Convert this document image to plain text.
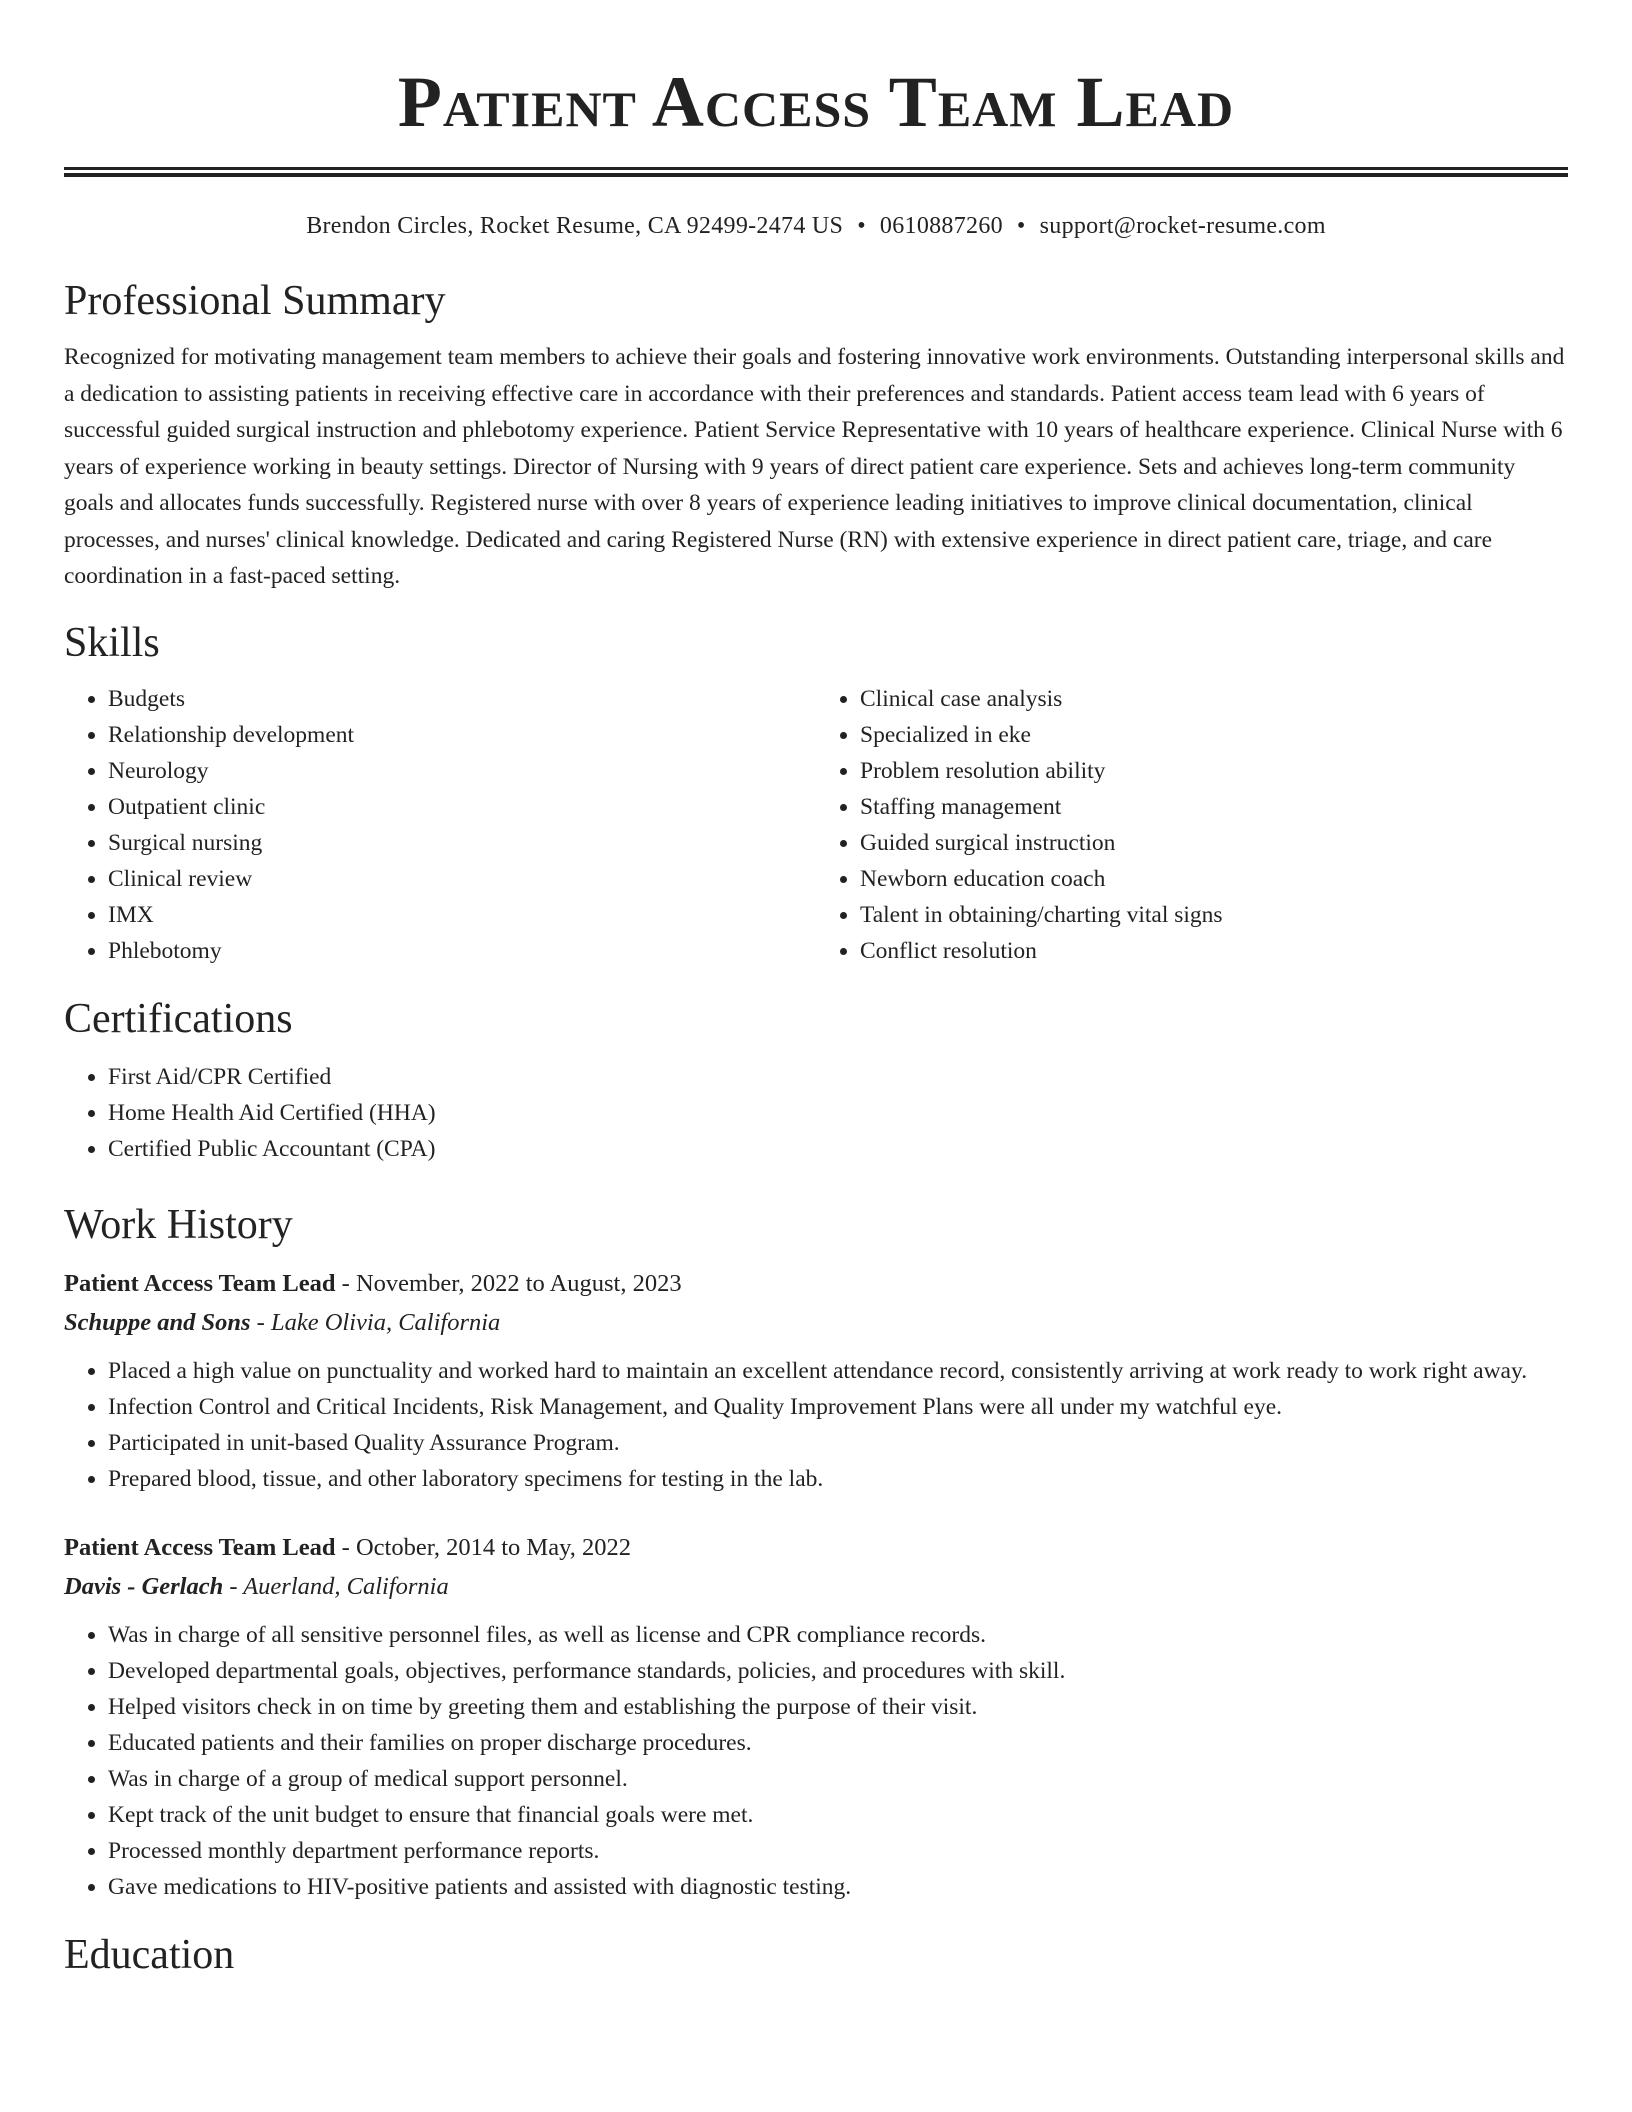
Patient Access Team Lead
Brendon Circles, Rocket Resume, CA 92499-2474 US • 0610887260 • support@rocket-resume.com
Professional Summary

Recognized for motivating management team members to achieve their goals and fostering innovative work environments. Outstanding interpersonal skills and a dedication to assisting patients in receiving effective care in accordance with their preferences and standards. Patient access team lead with 6 years of successful guided surgical instruction and phlebotomy experience. Patient Service Representative with 10 years of healthcare experience. Clinical Nurse with 6 years of experience working in beauty settings. Director of Nursing with 9 years of direct patient care experience. Sets and achieves long-term community goals and allocates funds successfully. Registered nurse with over 8 years of experience leading initiatives to improve clinical documentation, clinical processes, and nurses' clinical knowledge. Dedicated and caring Registered Nurse (RN) with extensive experience in direct patient care, triage, and care coordination in a fast-paced setting.

Skills
• Budgets
• Relationship development
• Neurology
• Outpatient clinic
• Surgical nursing
• Clinical review
• IMX
• Phlebotomy
• Clinical case analysis
• Specialized in eke
• Problem resolution ability
• Staffing management
• Guided surgical instruction
• Newborn education coach
• Talent in obtaining/charting vital signs
• Conflict resolution
Certifications
• First Aid/CPR Certified
• Home Health Aid Certified (HHA)
• Certified Public Accountant (CPA)
Work History
Patient Access Team Lead - November, 2022 to August, 2023
Schuppe and Sons - Lake Olivia, California
• Placed a high value on punctuality and worked hard to maintain an excellent attendance record, consistently arriving at work ready to work right away.
• Infection Control and Critical Incidents, Risk Management, and Quality Improvement Plans were all under my watchful eye.
• Participated in unit-based Quality Assurance Program.
• Prepared blood, tissue, and other laboratory specimens for testing in the lab.
Patient Access Team Lead - October, 2014 to May, 2022
Davis - Gerlach - Auerland, California
• Was in charge of all sensitive personnel files, as well as license and CPR compliance records.
• Developed departmental goals, objectives, performance standards, policies, and procedures with skill.
• Helped visitors check in on time by greeting them and establishing the purpose of their visit.
• Educated patients and their families on proper discharge procedures.
• Was in charge of a group of medical support personnel.
• Kept track of the unit budget to ensure that financial goals were met.
• Processed monthly department performance reports.
• Gave medications to HIV-positive patients and assisted with diagnostic testing.
Education
